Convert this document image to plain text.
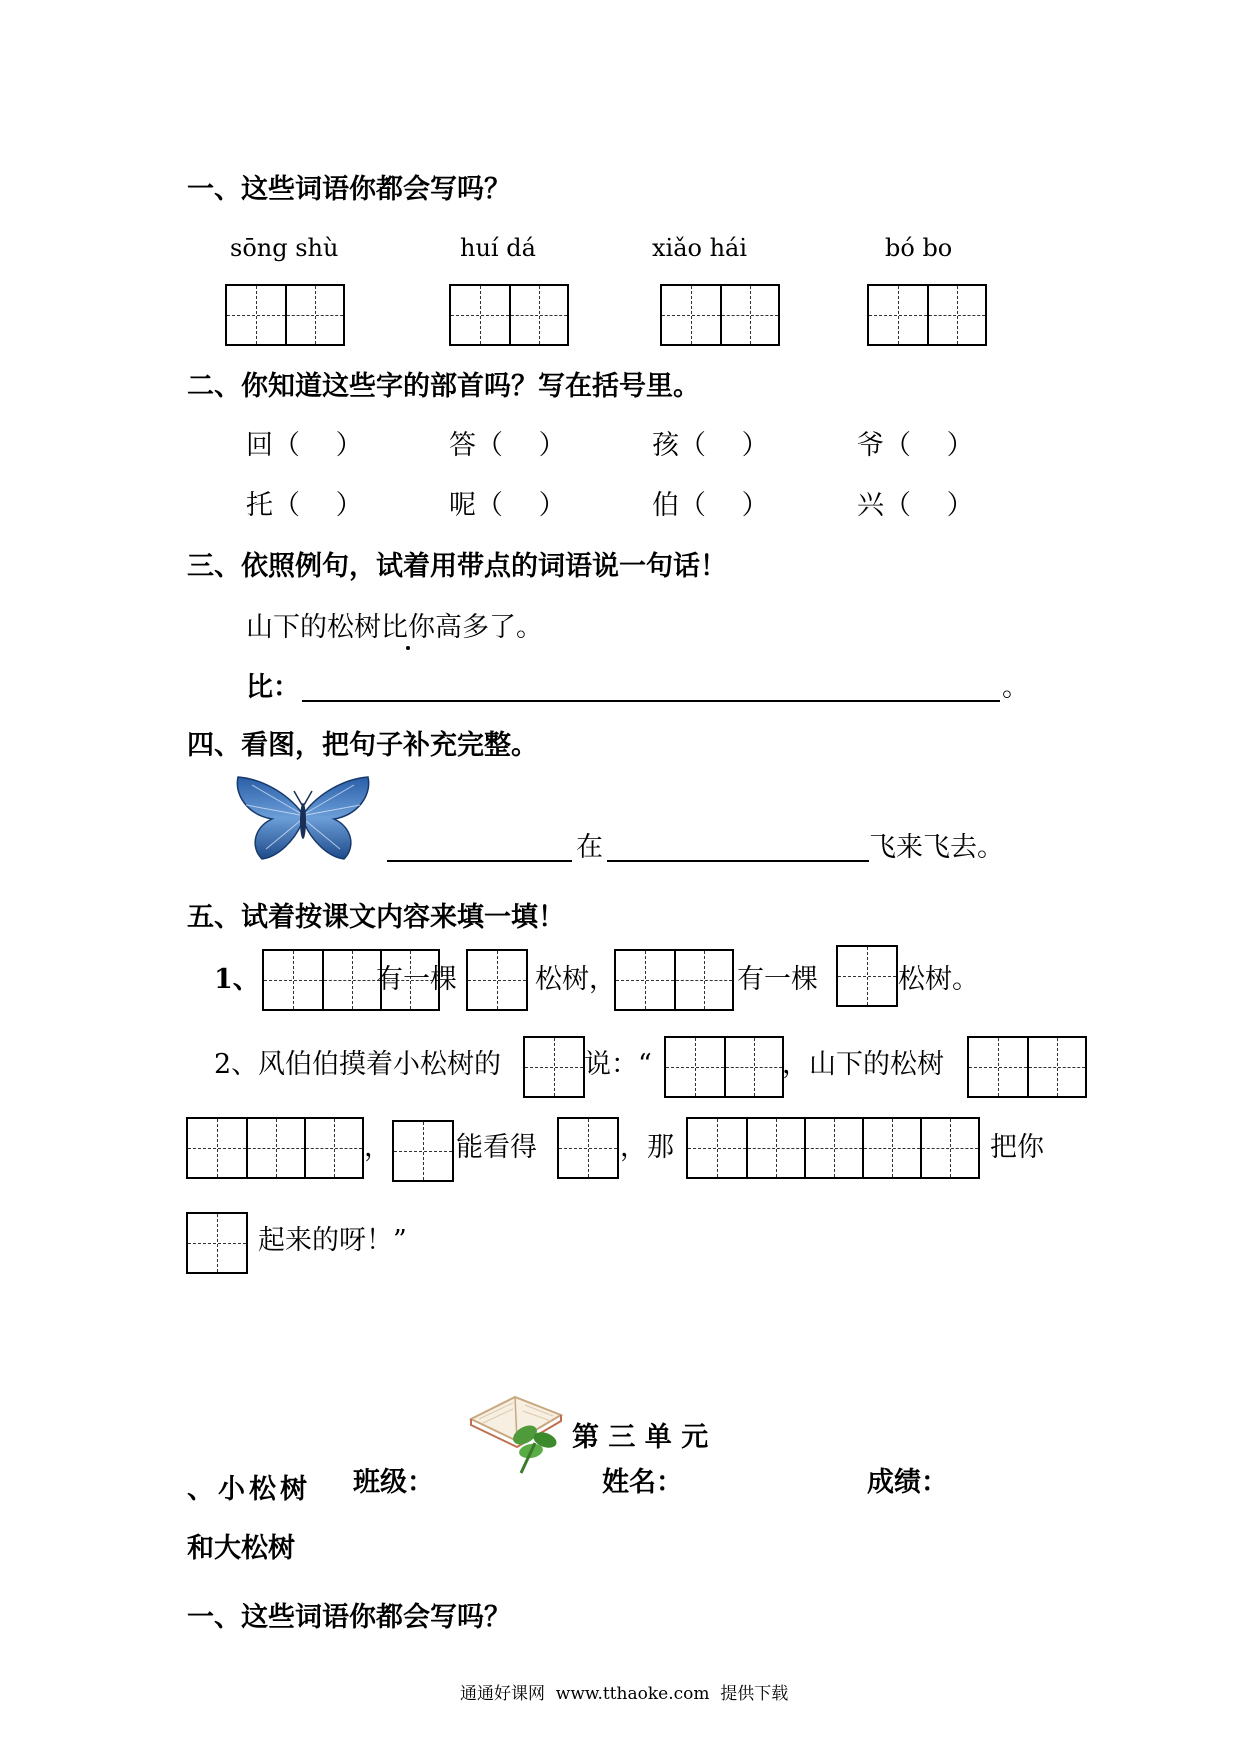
一、这些词语你都会写吗？
sōng shù	huí dá	xiǎo hái	bó bo
二、你知道这些字的部首吗？写在括号里。
回（　 ）	答（　 ）	孩（　 ）	爷（　 ）
托（　 ）	呢（　 ）	伯（　 ）	兴（　 ）
三、依照例句，试着用带点的词语说一句话！
山下的松树比你高多了。
比：	。
四、看图，把句子补充完整。
在	飞来飞去。
五、试着按课文内容来填一填！
1、	有一棵	松树，	有一棵	松树。
2、 风伯伯摸着小松树的	说：“	，山下的松树
， 能看得	，那	把你
起来的呀！”
第 三 单 元
、小松树 班级：	姓名：	成绩：
和大松树
一、这些词语你都会写吗？
通通好课网  www.tthaoke.com  提供下载
